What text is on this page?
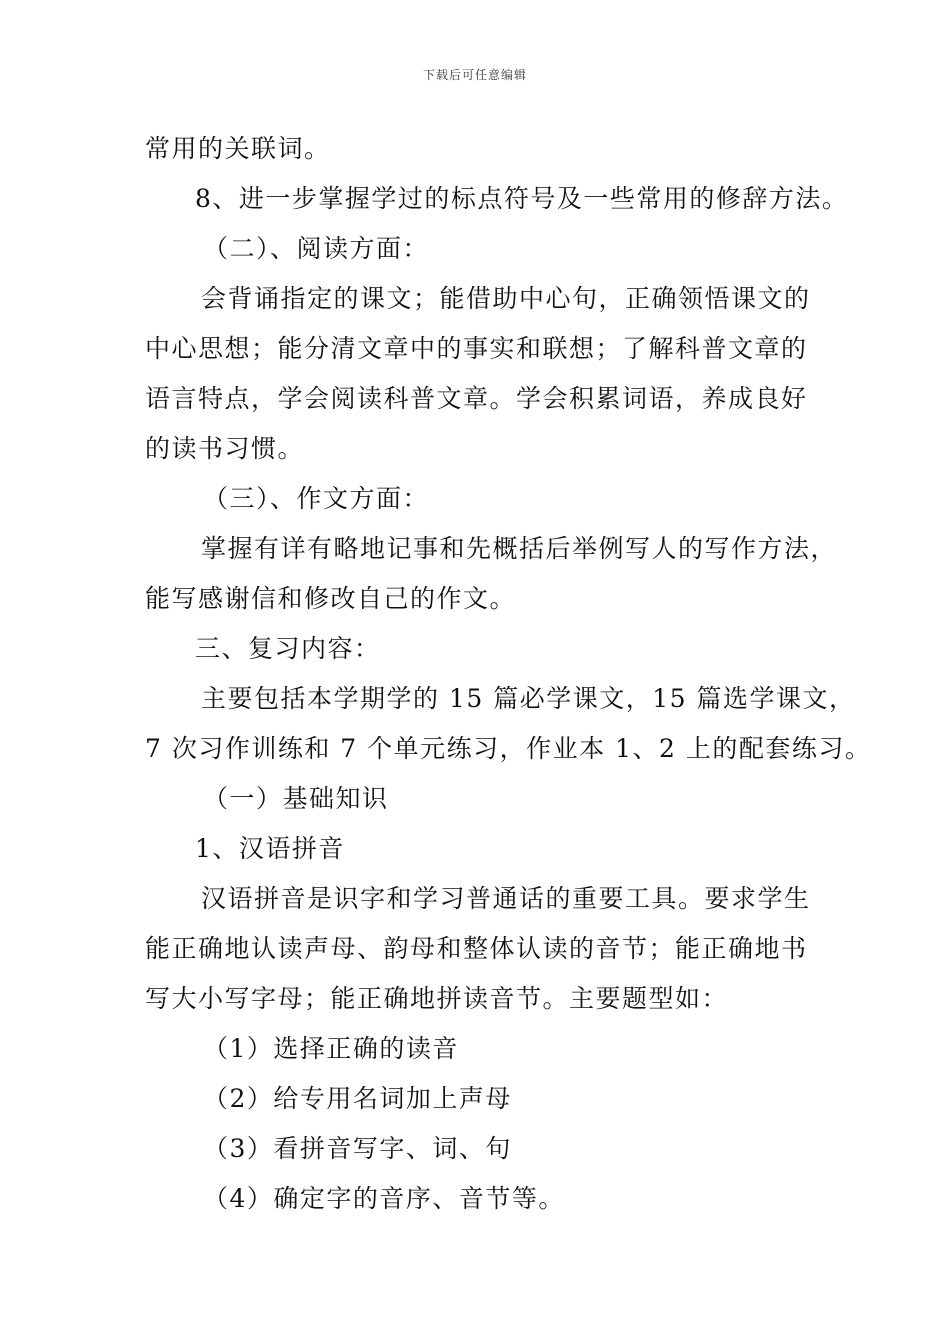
下载后可任意编辑
常用的关联词。
8、进一步掌握学过的标点符号及一些常用的修辞方法。
（二）、阅读方面：
会背诵指定的课文；能借助中心句，正确领悟课文的
中心思想；能分清文章中的事实和联想；了解科普文章的
语言特点，学会阅读科普文章。学会积累词语，养成良好
的读书习惯。
（三）、作文方面：
掌握有详有略地记事和先概括后举例写人的写作方法，
能写感谢信和修改自己的作文。
三、复习内容：
主要包括本学期学的 15 篇必学课文，15 篇选学课文，
7 次习作训练和 7 个单元练习，作业本 1、2 上的配套练习。
（一）基础知识
1、汉语拼音
汉语拼音是识字和学习普通话的重要工具。要求学生
能正确地认读声母、韵母和整体认读的音节；能正确地书
写大小写字母；能正确地拼读音节。主要题型如：
（1）选择正确的读音
（2）给专用名词加上声母
（3）看拼音写字、词、句
（4）确定字的音序、音节等。
